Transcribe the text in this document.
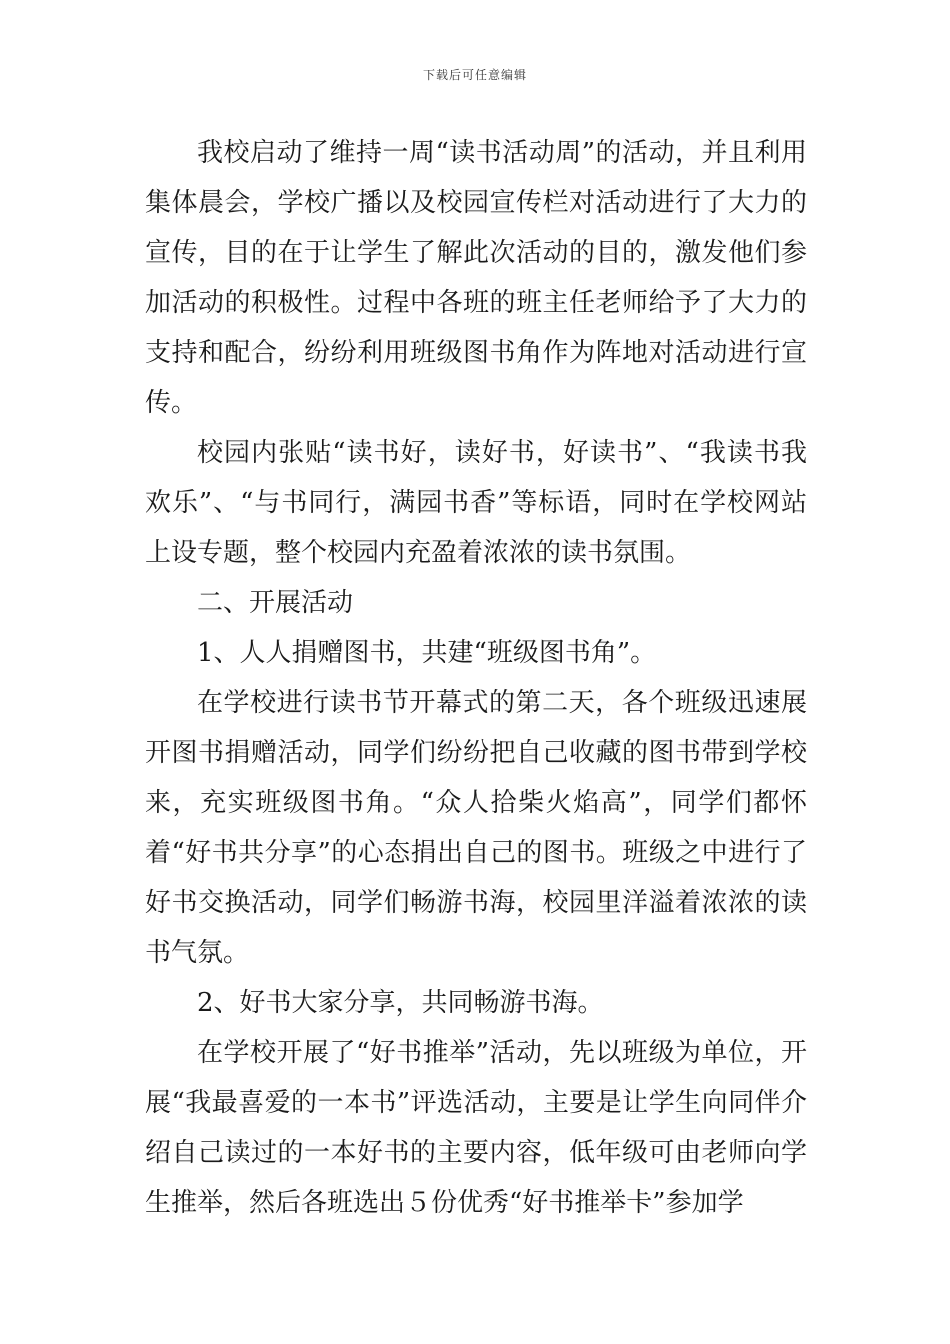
下载后可任意编辑

我校启动了维持一周“读书活动周”的活动，并且利用集体晨会，学校广播以及校园宣传栏对活动进行了大力的宣传，目的在于让学生了解此次活动的目的，激发他们参加活动的积极性。过程中各班的班主任老师给予了大力的支持和配合，纷纷利用班级图书角作为阵地对活动进行宣传。

校园内张贴“读书好，读好书，好读书”、“我读书我欢乐”、“与书同行，满园书香”等标语，同时在学校网站上设专题，整个校园内充盈着浓浓的读书氛围。

二、开展活动

1、人人捐赠图书，共建“班级图书角”。

在学校进行读书节开幕式的第二天，各个班级迅速展开图书捐赠活动，同学们纷纷把自己收藏的图书带到学校来，充实班级图书角。“众人拾柴火焰高”，同学们都怀着“好书共分享”的心态捐出自己的图书。班级之中进行了好书交换活动，同学们畅游书海，校园里洋溢着浓浓的读书气氛。

2、好书大家分享，共同畅游书海。

在学校开展了“好书推举”活动，先以班级为单位，开展“我最喜爱的一本书”评选活动，主要是让学生向同伴介绍自己读过的一本好书的主要内容，低年级可由老师向学生推举，然后各班选出５份优秀“好书推举卡”参加学
